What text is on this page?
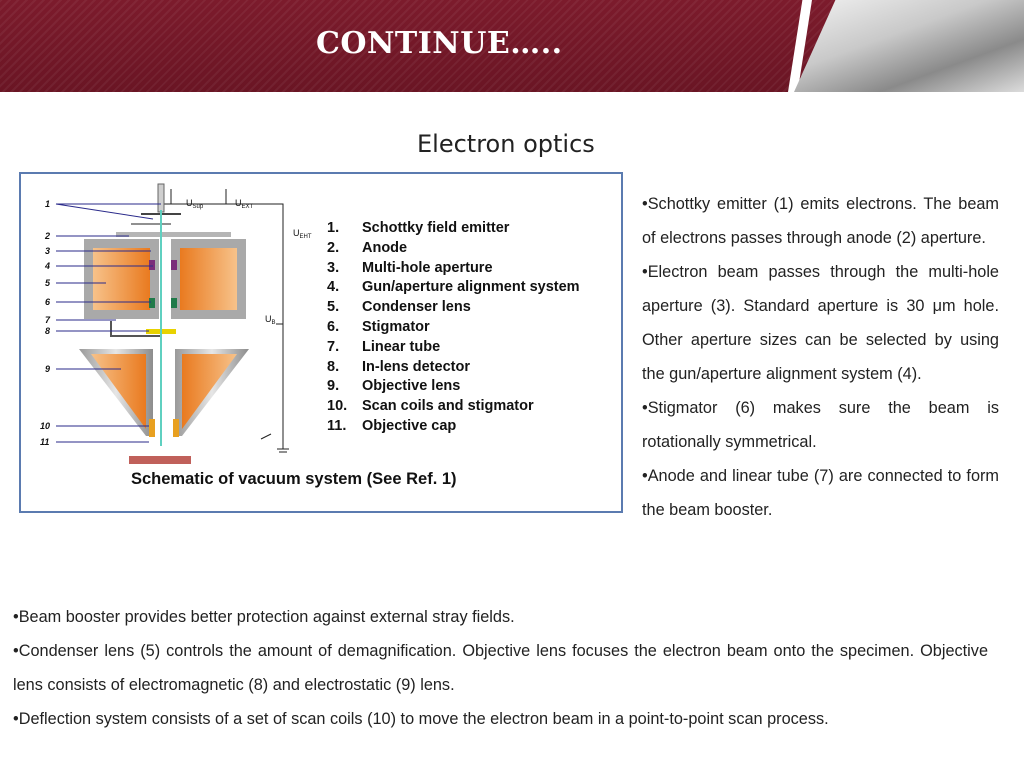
CONTINUE…..
Electron optics
1
2
3
4
5
6
7
8
9
10
11
$U_{Sup}$	$U_{EXT}$
$U_{EHT}$
$U_B$
1. Schottky field emitter
2. Anode
3. Multi-hole aperture
4. Gun/aperture alignment system
5. Condenser lens
6. Stigmator
7. Linear tube
8. In-lens detector
9. Objective lens
10. Scan coils and stigmator
11. Objective cap
Schematic of vacuum system (See Ref. 1)

•Schottky emitter (1) emits electrons. The beam of electrons passes through anode (2) aperture.

•Electron beam passes through the multi-hole aperture (3). Standard aperture is 30 μm hole. Other aperture sizes can be selected by using the gun/aperture alignment system (4).

•Stigmator (6) makes sure the beam is rotationally symmetrical.

•Anode and linear tube (7) are connected to form the beam booster.

•Beam booster provides better protection against external stray fields.

•Condenser lens (5) controls the amount of demagnification. Objective lens focuses the electron beam onto the specimen. Objective lens consists of electromagnetic (8) and electrostatic (9) lens.

•Deflection system consists of a set of scan coils (10) to move the electron beam in a point-to-point scan process.
